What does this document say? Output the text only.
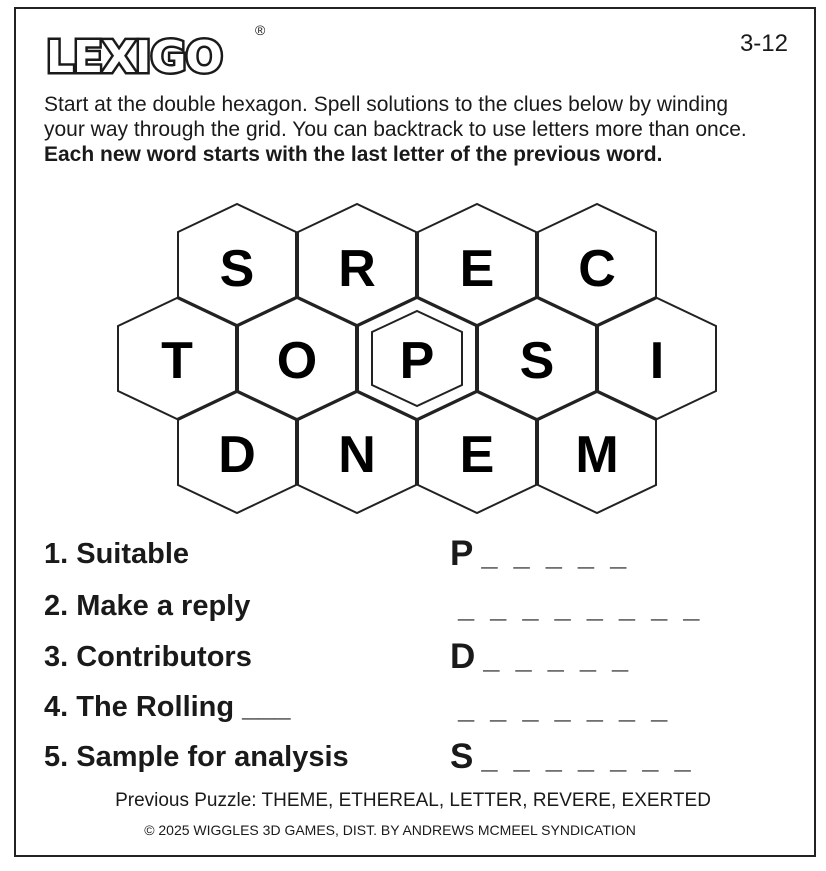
LEXIGO
®	3-12
Start at the double hexagon. Spell solutions to the clues below by winding your way through the grid. You can backtrack to use letters more than once. Each new word starts with the last letter of the previous word.
S R E C
T O P S I
D N E M
1. Suitable	P _ _ _ _ _
2. Make a reply	_ _ _ _ _ _ _ _
3. Contributors	D _ _ _ _ _
4. The Rolling ___	_ _ _ _ _ _ _
5. Sample for analysis	S _ _ _ _ _ _ _
Previous Puzzle: THEME, ETHEREAL, LETTER, REVERE, EXERTED
© 2025 WIGGLES 3D GAMES, DIST. BY ANDREWS MCMEEL SYNDICATION
